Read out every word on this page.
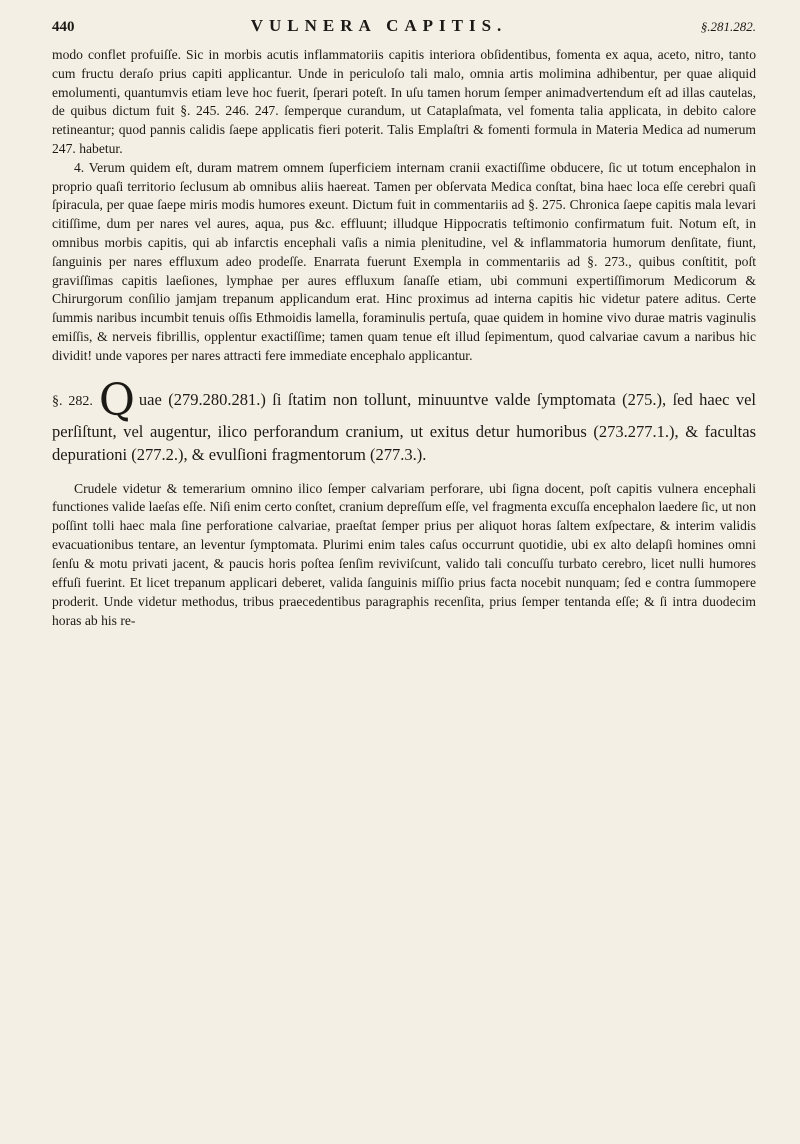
440	VULNERA CAPITIS.	§.281.282.

modo conflet profuiſſe. Sic in morbis acutis inflammatoriis capitis interiora obſidentibus, fomenta ex aqua, aceto, nitro, tanto cum fructu deraſo prius capiti applicantur. Unde in periculoſo tali malo, omnia artis molimina adhibentur, per quae aliquid emolumenti, quantumvis etiam leve hoc fuerit, ſperari poteſt. In uſu tamen horum ſemper animadvertendum eſt ad illas cautelas, de quibus dictum fuit §. 245. 246. 247. ſemperque curandum, ut Cataplaſmata, vel fomenta talia applicata, in debito calore retineantur; quod pannis calidis ſaepe applicatis fieri poterit. Talis Emplaſtri & fomenti formula in Materia Medica ad numerum 247. habetur.

4. Verum quidem eſt, duram matrem omnem ſuperficiem internam cranii exactiſſime obducere, ſic ut totum encephalon in proprio quaſi territorio ſeclusum ab omnibus aliis haereat. Tamen per obſervata Medica conſtat, bina haec loca eſſe cerebri quaſi ſpiracula, per quae ſaepe miris modis humores exeunt. Dictum fuit in commentariis ad §. 275. Chronica ſaepe capitis mala levari citiſſime, dum per nares vel aures, aqua, pus &c. effluunt; illudque Hippocratis teſtimonio confirmatum fuit. Notum eſt, in omnibus morbis capitis, qui ab infarctis encephali vaſis a nimia plenitudine, vel & inflammatoria humorum denſitate, fiunt, ſanguinis per nares effluxum adeo prodeſſe. Enarrata fuerunt Exempla in commentariis ad §. 273., quibus conſtitit, poſt graviſſimas capitis laeſiones, lymphae per aures effluxum ſanaſſe etiam, ubi communi expertiſſimorum Medicorum & Chirurgorum conſilio jamjam trepanum applicandum erat. Hinc proximus ad interna capitis hic videtur patere aditus. Certe ſummis naribus incumbit tenuis oſſis Ethmoidis lamella, foraminulis pertuſa, quae quidem in homine vivo durae matris vaginulis emiſſis, & nerveis fibrillis, opplentur exactiſſime; tamen quam tenue eſt illud ſepimentum, quod calvariae cavum a naribus hic dividit! unde vapores per nares attracti fere immediate encephalo applicantur.

§. 282. Q uae (279.280.281.) ſi ſtatim non tollunt, minuuntve valde ſymptomata (275.), ſed haec vel perſiſtunt, vel augentur, ilico perforandum cranium, ut exitus detur humoribus (273.277.1.), & facultas depurationi (277.2.), & evulſioni fragmentorum (277.3.).

Crudele videtur & temerarium omnino ilico ſemper calvariam perforare, ubi ſigna docent, poſt capitis vulnera encephali functiones valide laeſas eſſe. Niſi enim certo conſtet, cranium depreſſum eſſe, vel fragmenta excuſſa encephalon laedere ſic, ut non poſſint tolli haec mala ſine perforatione calvariae, praeſtat ſemper prius per aliquot horas ſaltem exſpectare, & interim validis evacuationibus tentare, an leventur ſymptomata. Plurimi enim tales caſus occurrunt quotidie, ubi ex alto delapſi homines omni ſenſu & motu privati jacent, & paucis horis poſtea ſenſim reviviſcunt, valido tali concuſſu turbato cerebro, licet nulli humores effuſi fuerint. Et licet trepanum applicari deberet, valida ſanguinis miſſio prius facta nocebit nunquam; ſed e contra ſummopere proderit. Unde videtur methodus, tribus praecedentibus paragraphis recenſita, prius ſemper tentanda eſſe; & ſi intra duodecim horas ab his re-
